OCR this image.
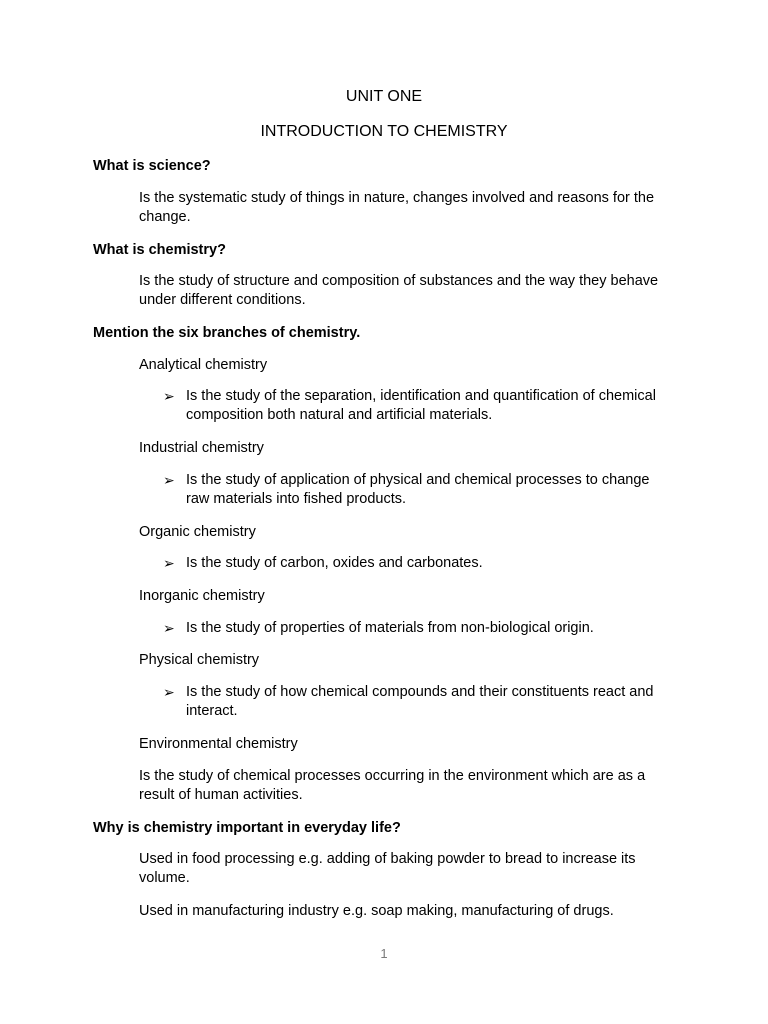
UNIT ONE
INTRODUCTION TO CHEMISTRY
What is science?
Is the systematic study of things in nature, changes involved and reasons for the change.
What is chemistry?
Is the study of structure and composition of substances and the way they behave under different conditions.
Mention the six branches of chemistry.
Analytical chemistry
➢ Is the study of the separation, identification and quantification of chemical composition both natural and artificial materials.
Industrial chemistry
➢ Is the study of application of physical and chemical processes to change raw materials into fished products.
Organic chemistry
➢ Is the study of carbon, oxides and carbonates.
Inorganic chemistry
➢ Is the study of properties of materials from non-biological origin.
Physical chemistry
➢ Is the study of how chemical compounds and their constituents react and interact.
Environmental chemistry
Is the study of chemical processes occurring in the environment which are as a result of human activities.
Why is chemistry important in everyday life?
Used in food processing e.g. adding of baking powder to bread to increase its volume.
Used in manufacturing industry e.g. soap making, manufacturing of drugs.
1
